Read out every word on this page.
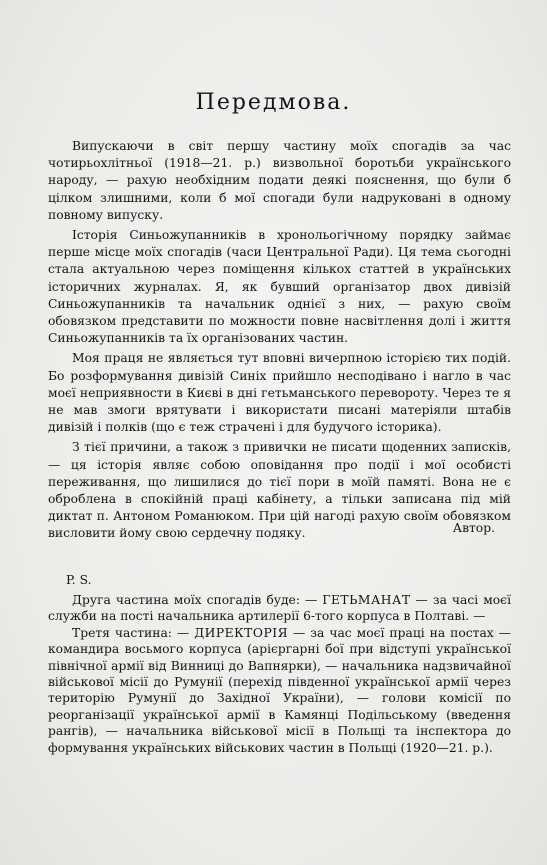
Передмова.

Випускаючи в світ першу частину моїх спогадів за час чотирьохлітньої (1918—21. р.) визвольної боротьби українського народу, — рахую необхідним подати деякі пояснення, що були б цілком злишними, коли б мої спогади були надруковані в одному повному випуску.

Історія Синьожупанників в хронольогічному порядку займає перше місце моїх спогадів (часи Центральної Ради). Ця тема сьогодні стала актуальною через поміщення кількох статтей в українських історичних журналах. Я, як бувший організатор двох дивізій Синьожупанників та начальник однієї з них, — рахую своїм обовязком представити по можности повне насвітлення долі і життя Синьожупанників та їх організованих частин.

Моя праця не являється тут вповні вичерпною історією тих подій. Бо розформування дивізій Синіх прийшло несподівано і нагло в час моєї неприявности в Києві в дні гетьманського перевороту. Через те я не мав змоги врятувати і використати писані матеріяли штабів дивізій і полків (що є теж страчені і для будучого історика).

З тієї причини, а також з привички не писати щоденних записків, — ця історія являє собою оповідання про події і мої особисті переживання, що лишилися до тієї пори в моїй памяті. Вона не є оброблена в спокійній праці кабінету, а тільки записана під мій диктат п. Антоном Романюком. При цій нагоді рахую своїм обовязком висловити йому свою сердечну подяку.	Автор.
P. S.

Друга частина моїх спогадів буде: — ГЕТЬМАНАТ — за часі моєї служби на пості начальника артилерії 6-того корпуса в Полтаві. —

Третя частина: — ДИРЕКТОРІЯ — за час моєї праці на постах — командира восьмого корпуса (арієргарні бої при відступі української північної армії від Винниці до Вапнярки), — начальника надзвичайної військової місії до Румунії (перехід південної української армії через територію Румунії до Західної України), — голови комісії по реорганізації української армії в Камянці Подільському (введення рангів), — начальника військової місії в Польщі та інспектора до формування українських військових частин в Польщі (1920—21. р.).
